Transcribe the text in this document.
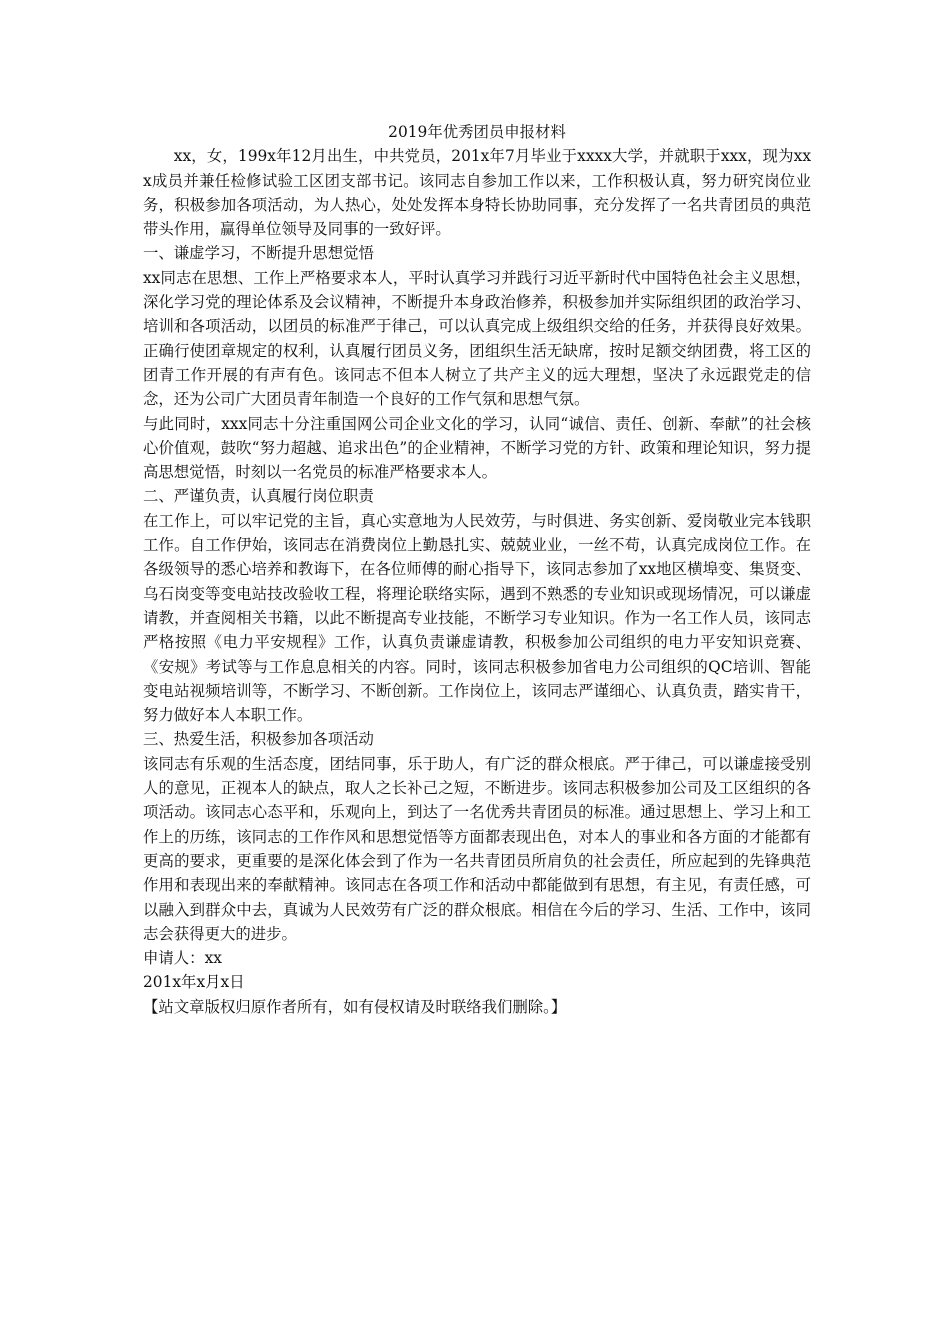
2019年优秀团员申报材料

xx，女，199x年12月出生，中共党员，201x年7月毕业于xxxx大学，并就职于xxx，现为xxx成员并兼任检修试验工区团支部书记。该同志自参加工作以来，工作积极认真，努力研究岗位业务，积极参加各项活动，为人热心，处处发挥本身特长协助同事，充分发挥了一名共青团员的典范带头作用，赢得单位领导及同事的一致好评。

一、谦虚学习，不断提升思想觉悟

xx同志在思想、工作上严格要求本人，平时认真学习并践行习近平新时代中国特色社会主义思想，深化学习党的理论体系及会议精神，不断提升本身政治修养，积极参加并实际组织团的政治学习、培训和各项活动，以团员的标准严于律己，可以认真完成上级组织交给的任务，并获得良好效果。正确行使团章规定的权利，认真履行团员义务，团组织生活无缺席，按时足额交纳团费，将工区的团青工作开展的有声有色。该同志不但本人树立了共产主义的远大理想，坚决了永远跟党走的信念，还为公司广大团员青年制造一个良好的工作气氛和思想气氛。

与此同时，xxx同志十分注重国网公司企业文化的学习，认同“诚信、责任、创新、奉献”的社会核心价值观，鼓吹“努力超越、追求出色”的企业精神，不断学习党的方针、政策和理论知识，努力提高思想觉悟，时刻以一名党员的标准严格要求本人。

二、严谨负责，认真履行岗位职责

在工作上，可以牢记党的主旨，真心实意地为人民效劳，与时俱进、务实创新、爱岗敬业完本钱职工作。自工作伊始，该同志在消费岗位上勤恳扎实、兢兢业业，一丝不苟，认真完成岗位工作。在各级领导的悉心培养和教诲下，在各位师傅的耐心指导下，该同志参加了xx地区横埠变、集贤变、乌石岗变等变电站技改验收工程，将理论联络实际，遇到不熟悉的专业知识或现场情况，可以谦虚请教，并查阅相关书籍，以此不断提高专业技能，不断学习专业知识。作为一名工作人员，该同志严格按照《电力平安规程》工作，认真负责谦虚请教，积极参加公司组织的电力平安知识竞赛、《安规》考试等与工作息息相关的内容。同时，该同志积极参加省电力公司组织的QC培训、智能变电站视频培训等，不断学习、不断创新。工作岗位上，该同志严谨细心、认真负责，踏实肯干，努力做好本人本职工作。

三、热爱生活，积极参加各项活动

该同志有乐观的生活态度，团结同事，乐于助人，有广泛的群众根底。严于律己，可以谦虚接受别人的意见，正视本人的缺点，取人之长补己之短，不断进步。该同志积极参加公司及工区组织的各项活动。该同志心态平和，乐观向上，到达了一名优秀共青团员的标准。通过思想上、学习上和工作上的历练，该同志的工作作风和思想觉悟等方面都表现出色，对本人的事业和各方面的才能都有更高的要求，更重要的是深化体会到了作为一名共青团员所肩负的社会责任，所应起到的先锋典范作用和表现出来的奉献精神。该同志在各项工作和活动中都能做到有思想，有主见，有责任感，可以融入到群众中去，真诚为人民效劳有广泛的群众根底。相信在今后的学习、生活、工作中，该同志会获得更大的进步。

申请人：xx

201x年x月x日

【站文章版权归原作者所有，如有侵权请及时联络我们删除。】
